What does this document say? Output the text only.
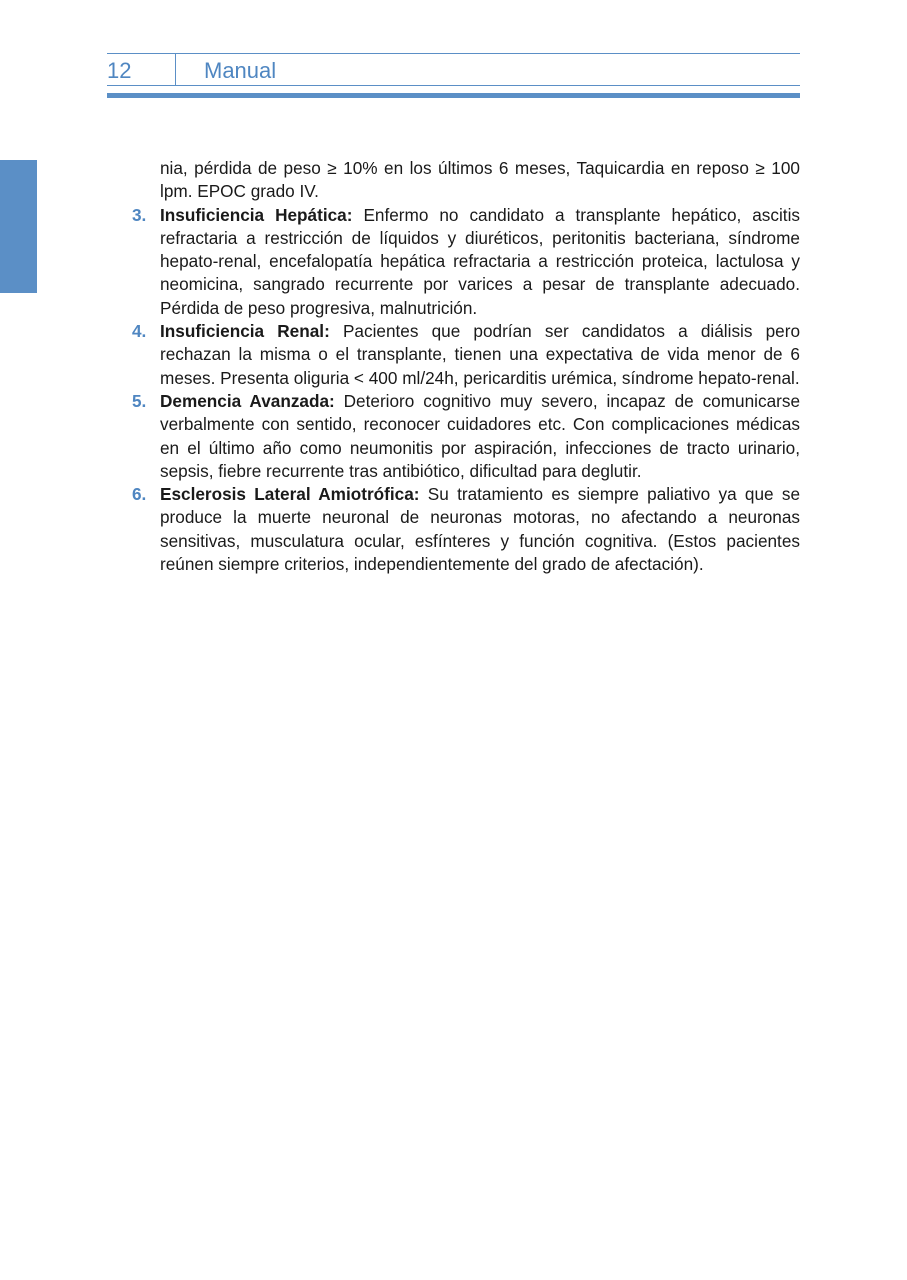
12	Manual

nia, pérdida de peso ≥ 10% en los últimos 6 meses, Taquicardia en reposo ≥ 100 lpm. EPOC grado IV.

3. Insuficiencia Hepática: Enfermo no candidato a transplante hepático, ascitis refractaria a restricción de líquidos y diuréticos, peritonitis bacteriana, síndrome hepato-renal, encefalopatía hepática refractaria a restricción proteica, lactulosa y neomicina, sangrado recurrente por varices a pesar de transplante adecuado. Pérdida de peso progresiva, malnutrición.
4. Insuficiencia Renal: Pacientes que podrían ser candidatos a diálisis pero rechazan la misma o el transplante, tienen una expectativa de vida menor de 6 meses. Presenta oliguria < 400 ml/24h, pericarditis urémica, síndrome hepato-renal.
5. Demencia Avanzada: Deterioro cognitivo muy severo, incapaz de comunicarse verbalmente con sentido, reconocer cuidadores etc. Con complicaciones médicas en el último año como neumonitis por aspiración, infecciones de tracto urinario, sepsis, fiebre recurrente tras antibiótico, dificultad para deglutir.
6. Esclerosis Lateral Amiotrófica: Su tratamiento es siempre paliativo ya que se produce la muerte neuronal de neuronas motoras, no afectando a neuronas sensitivas, musculatura ocular, esfínteres y función cognitiva. (Estos pacientes reúnen siempre criterios, independientemente del grado de afectación).
